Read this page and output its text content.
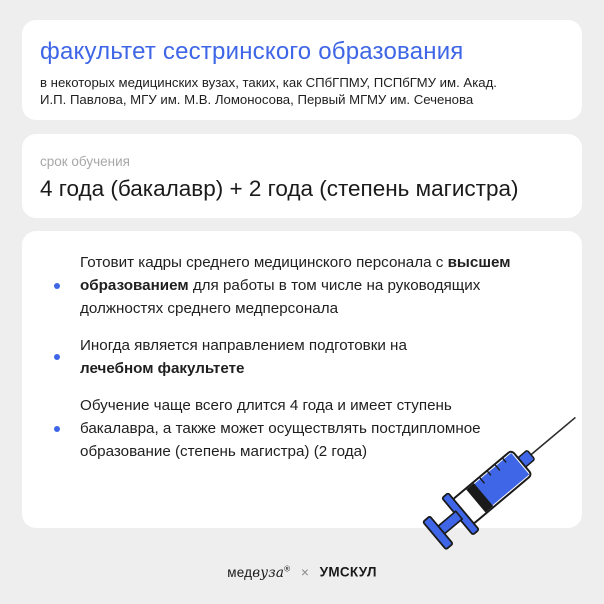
факультет сестринского образования
в некоторых медицинских вузах, таких, как СПбГПМУ, ПСПбГМУ им. Акад.
И.П. Павлова, МГУ им. М.В. Ломоносова, Первый МГМУ им. Сеченова
срок обучения
4 года (бакалавр) + 2 года (степень магистра)
Готовит кадры среднего медицинского персонала с высшем образованием для работы в том числе на руководящих должностях среднего медперсонала
Иногда является направлением подготовки на лечебном факультете
Обучение чаще всего длится 4 года и имеет ступень бакалавра, а также может осуществлять постдипломное образование (степень магистра) (2 года)
медвуза® × УМСКУЛ
